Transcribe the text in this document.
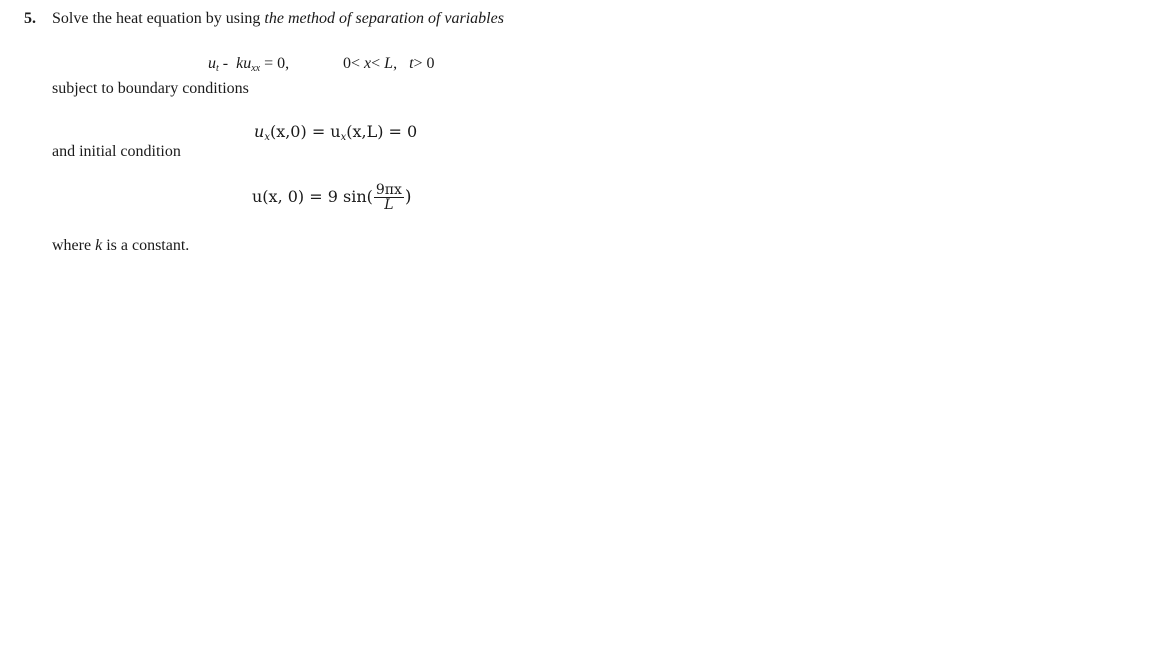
5. Solve the heat equation by using the method of separation of variables
$u_t - ku_{xx} = 0$,	0< x< L, t> 0
subject to boundary conditions
$u_x(x,0) = u_x(x,L) = 0$
and initial condition
u(x, 0) = 9 $\sin( \frac{9\pi x}{L}$ )
where k is a constant.
